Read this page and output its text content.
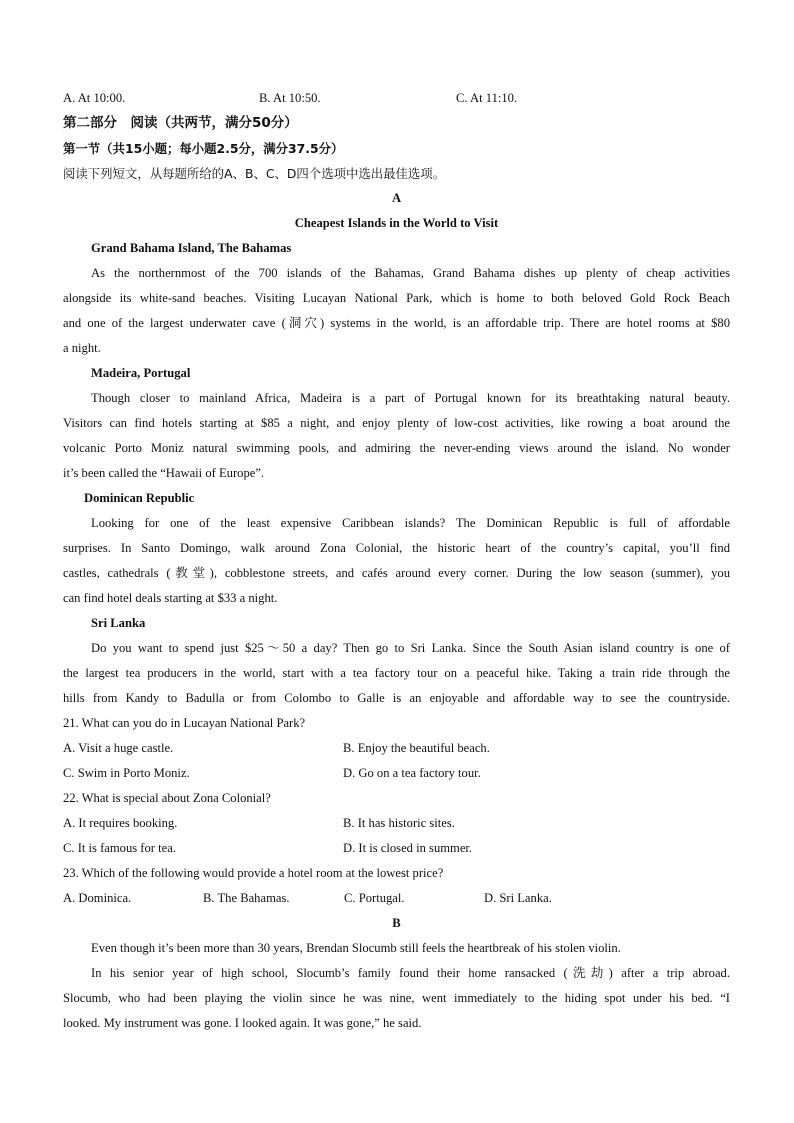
A. At 10:00.	B. At 10:50.	C. At 11:10.
第二部分　阅读（共两节，满分50分）
第一节（共15小题；每小题2.5分，满分37.5分）
阅读下列短文，从每题所给的A、B、C、D四个选项中选出最佳选项。
A
Cheapest Islands in the World to Visit
Grand Bahama Island, The Bahamas
As the northernmost of the 700 islands of the Bahamas, Grand Bahama dishes up plenty of cheap activities
alongside its white-sand beaches. Visiting Lucayan National Park, which is home to both beloved Gold Rock Beach
and one of the largest underwater cave (洞穴) systems in the world, is an affordable trip. There are hotel rooms at $80
a night.
Madeira, Portugal
Though closer to mainland Africa, Madeira is a part of Portugal known for its breathtaking natural beauty.
Visitors can find hotels starting at $85 a night, and enjoy plenty of low-cost activities, like rowing a boat around the
volcanic Porto Moniz natural swimming pools, and admiring the never-ending views around the island. No wonder
it’s been called the “Hawaii of Europe”.
Dominican Republic
Looking for one of the least expensive Caribbean islands? The Dominican Republic is full of affordable
surprises. In Santo Domingo, walk around Zona Colonial, the historic heart of the country’s capital, you’ll find
castles, cathedrals (教堂), cobblestone streets, and cafés around every corner. During the low season (summer), you
can find hotel deals starting at $33 a night.
Sri Lanka
Do you want to spend just $25～50 a day? Then go to Sri Lanka. Since the South Asian island country is one of
the largest tea producers in the world, start with a tea factory tour on a peaceful hike. Taking a train ride through the
hills from Kandy to Badulla or from Colombo to Galle is an enjoyable and affordable way to see the countryside.
21. What can you do in Lucayan National Park?
A. Visit a huge castle.	B. Enjoy the beautiful beach.
C. Swim in Porto Moniz.	D. Go on a tea factory tour.
22. What is special about Zona Colonial?
A. It requires booking.	B. It has historic sites.
C. It is famous for tea.	D. It is closed in summer.
23. Which of the following would provide a hotel room at the lowest price?
A. Dominica.	B. The Bahamas.	C. Portugal.	D. Sri Lanka.
B
Even though it’s been more than 30 years, Brendan Slocumb still feels the heartbreak of his stolen violin.
In his senior year of high school, Slocumb’s family found their home ransacked (洗劫) after a trip abroad.
Slocumb, who had been playing the violin since he was nine, went immediately to the hiding spot under his bed. “I
looked. My instrument was gone. I looked again. It was gone,” he said.
